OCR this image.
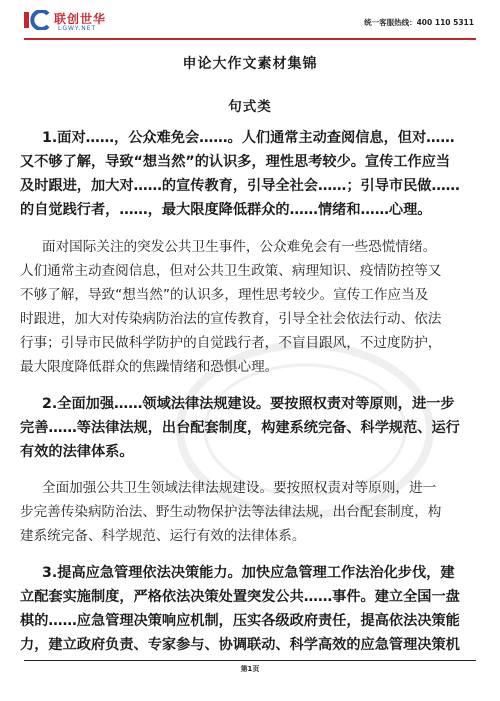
联创世华
LGWY.NET
统一客服热线：400 110 5311
申论大作文素材集锦
句式类
1.面对……，公众难免会……。人们通常主动查阅信息，但对……
又不够了解，导致“想当然”的认识多，理性思考较少。宣传工作应当
及时跟进，加大对……的宣传教育，引导全社会……；引导市民做……
的自觉践行者，……，最大限度降低群众的……情绪和……心理。
面对国际关注的突发公共卫生事件，公众难免会有一些恐慌情绪。
人们通常主动查阅信息，但对公共卫生政策、病理知识、疫情防控等又
不够了解，导致“想当然”的认识多，理性思考较少。宣传工作应当及
时跟进，加大对传染病防治法的宣传教育，引导全社会依法行动、依法
行事；引导市民做科学防护的自觉践行者，不盲目跟风，不过度防护，
最大限度降低群众的焦躁情绪和恐惧心理。
2.全面加强……领域法律法规建设。要按照权责对等原则，进一步
完善……等法律法规，出台配套制度，构建系统完备、科学规范、运行
有效的法律体系。
全面加强公共卫生领域法律法规建设。要按照权责对等原则，进一
步完善传染病防治法、野生动物保护法等法律法规，出台配套制度，构
建系统完备、科学规范、运行有效的法律体系。
3.提高应急管理依法决策能力。加快应急管理工作法治化步伐，建
立配套实施制度，严格依法决策处置突发公共……事件。建立全国一盘
棋的……应急管理决策响应机制，压实各级政府责任，提高依法决策能
力，建立政府负责、专家参与、协调联动、科学高效的应急管理决策机
第1页
